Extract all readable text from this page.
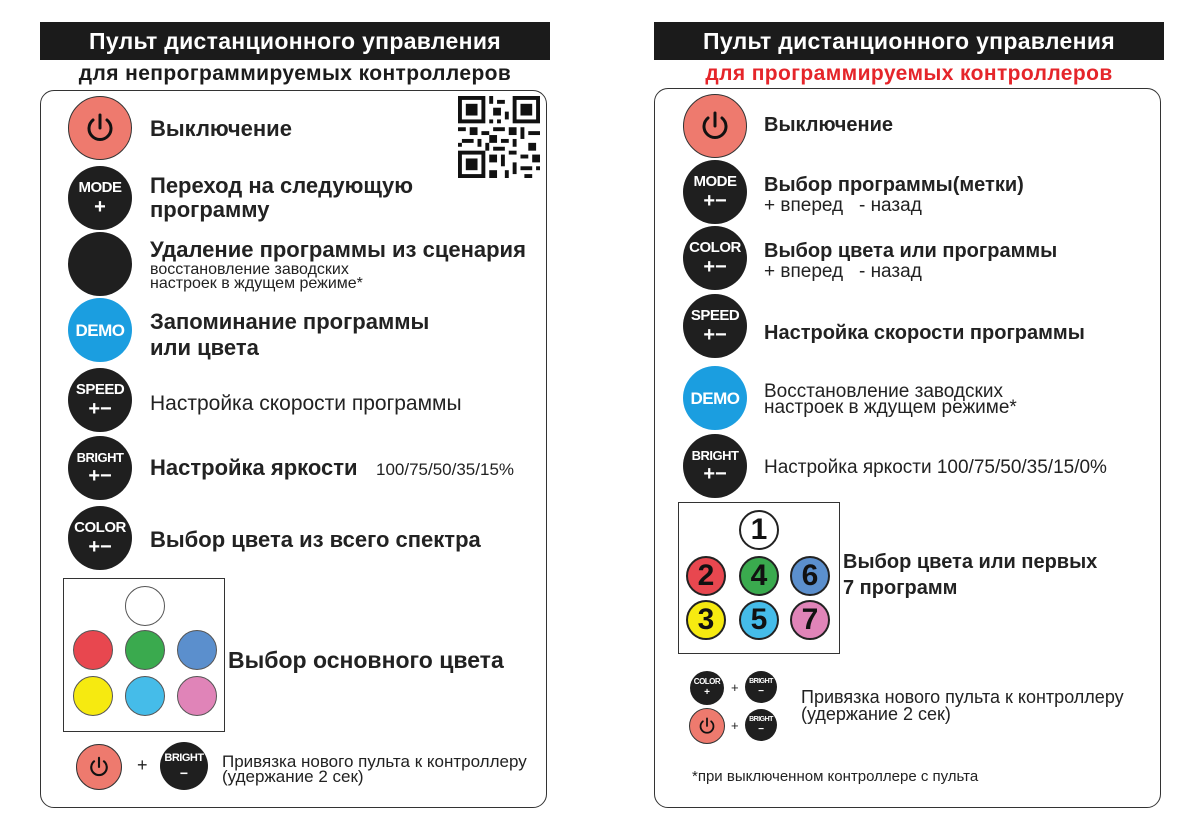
Пульт дистанционного управления
для непрограммируемых контроллеров
Выключение
MODE
+
Переход на следующую
программу
Удаление программы из сценария
восстановление заводских
настроек в ждущем режиме*
DEMO Запоминание программы
или цвета
SPEED
+− Настройка скорости программы
BRIGHT
+− Настройка яркости 100/75/50/35/15%
COLOR
+− Выбор цвета из всего спектра
Выбор основного цвета
+ BRIGHT
−
Привязка нового пульта к контроллеру
(удержание 2 сек)
Пульт дистанционного управления
для программируемых контроллеров
Выключение
MODE
+−
Выбор программы(метки)
+ вперед   - назад
COLOR
+−
Выбор цвета или программы
+ вперед   - назад
SPEED
+− Настройка скорости программы
DEMO Восстановление заводских
настроек в ждущем режиме*
BRIGHT
+− Настройка яркости 100/75/50/35/15/0%
1
2	4	6
3	5	7
Выбор цвета или первых
7 программ
COLOR
+ + BRIGHT
−
+ BRIGHT
−
Привязка нового пульта к контроллеру
(удержание 2 сек)
*при выключенном контроллере с пульта
